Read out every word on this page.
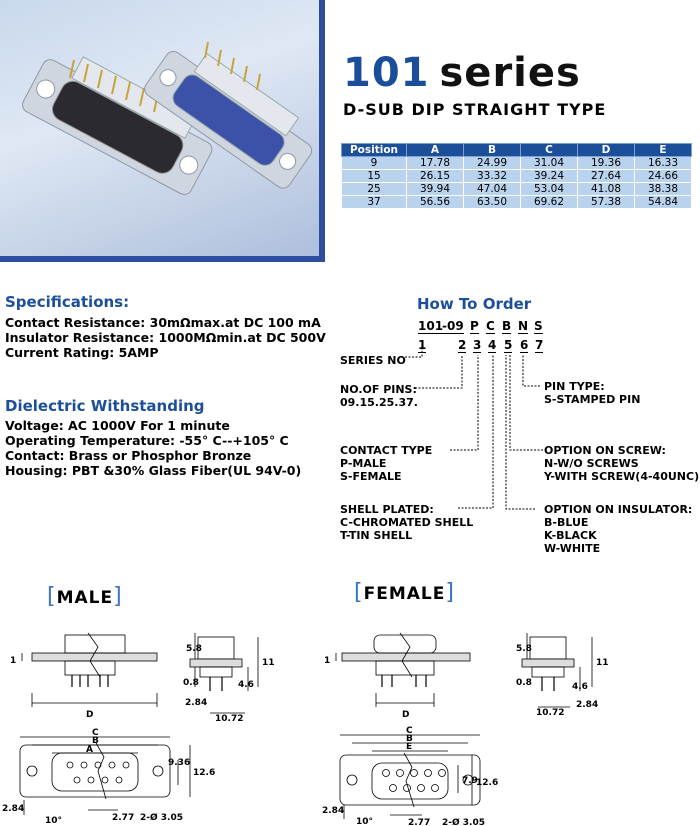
101 series
D-SUB DIP STRAIGHT TYPE
Position	A	B	C	D	E
9	17.78	24.99	31.04	19.36	16.33
15	26.15	33.32	39.24	27.64	24.66
25	39.94	47.04	53.04	41.08	38.38
37	56.56	63.50	69.62	57.38	54.84
Specifications:
Contact Resistance: 30mΩmax.at DC 100 mA
Insulator Resistance: 1000MΩmin.at DC 500V
Current Rating: 5AMP
Dielectric Withstanding
Voltage: AC 1000V For 1 minute
Operating Temperature: -55° C--+105° C
Contact: Brass or Phosphor Bronze
Housing: PBT &30% Glass Fiber(UL 94V-0)
How To Order
101
-09 P C B N S
1	2 3 4 5 6 7
SERIES NO
NO.OF PINS:
09.15.25.37.
CONTACT TYPE
P-MALE
S-FEMALE
SHELL PLATED:
C-CHROMATED SHELL
T-TIN SHELL
PIN TYPE:
S-STAMPED PIN
OPTION ON SCREW:
N-W/O SCREWS
Y-WITH SCREW(4-40UNC)
OPTION ON INSULATOR:
B-BLUE
K-BLACK
W-WHITE
[MALE]	[FEMALE]
D
1
5.8
11
0.8	4.6
2.84
10.72
C
B
A
9.36
12.6
2.84
10°	2.77 2-Ø 3.05
D
1
5.8
11
0.8	4.6
10.72
2.84
C
B
E
7.9
12.6
2.84
10°	2.77 2-Ø 3.05
